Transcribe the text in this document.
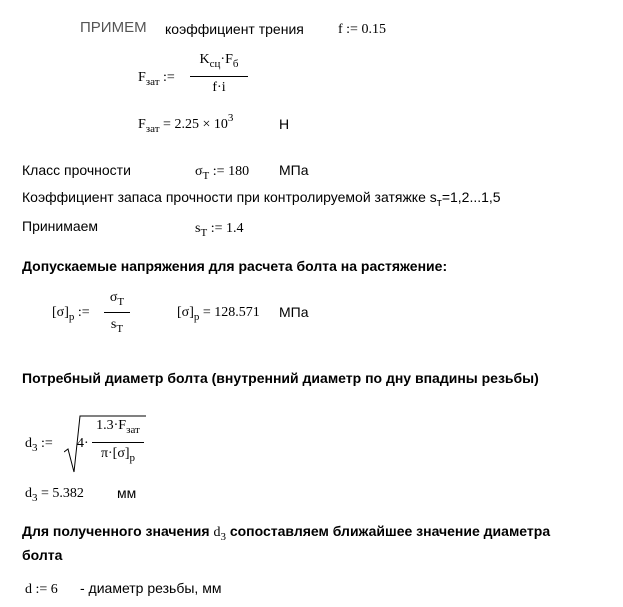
ПРИМЕМ коэффициент трения f := 0.15
$F_{зат}$ :=
$K_{сц}\cdot F_б$
f·i
$F_{зат} = 2.25 \times 10^3$	Н
Класс прочности	$\sigma_T$ := 180 МПа
Коэффициент запаса прочности при контролируемой затяжке $s_т=1,2...1,5$
Принимаем	$s_T$ := 1.4
Допускаемые напряжения для расчета болта на растяжение:
$[\sigma]_p$ :=
$\sigma_T$
$s_T$
$[\sigma]_p = 128.571$ МПа
Потребный диаметр болта (внутренний диаметр по дну впадины резьбы)
$d_3$ := 4·
$1.3\cdot F_{зат}$
$\pi\cdot[\sigma]_p$
$d_3 = 5.382$ мм
Для полученного значения $d_3$ сопоставляем ближайшее значение диаметра
болта
d := 6 - диаметр резьбы, мм
